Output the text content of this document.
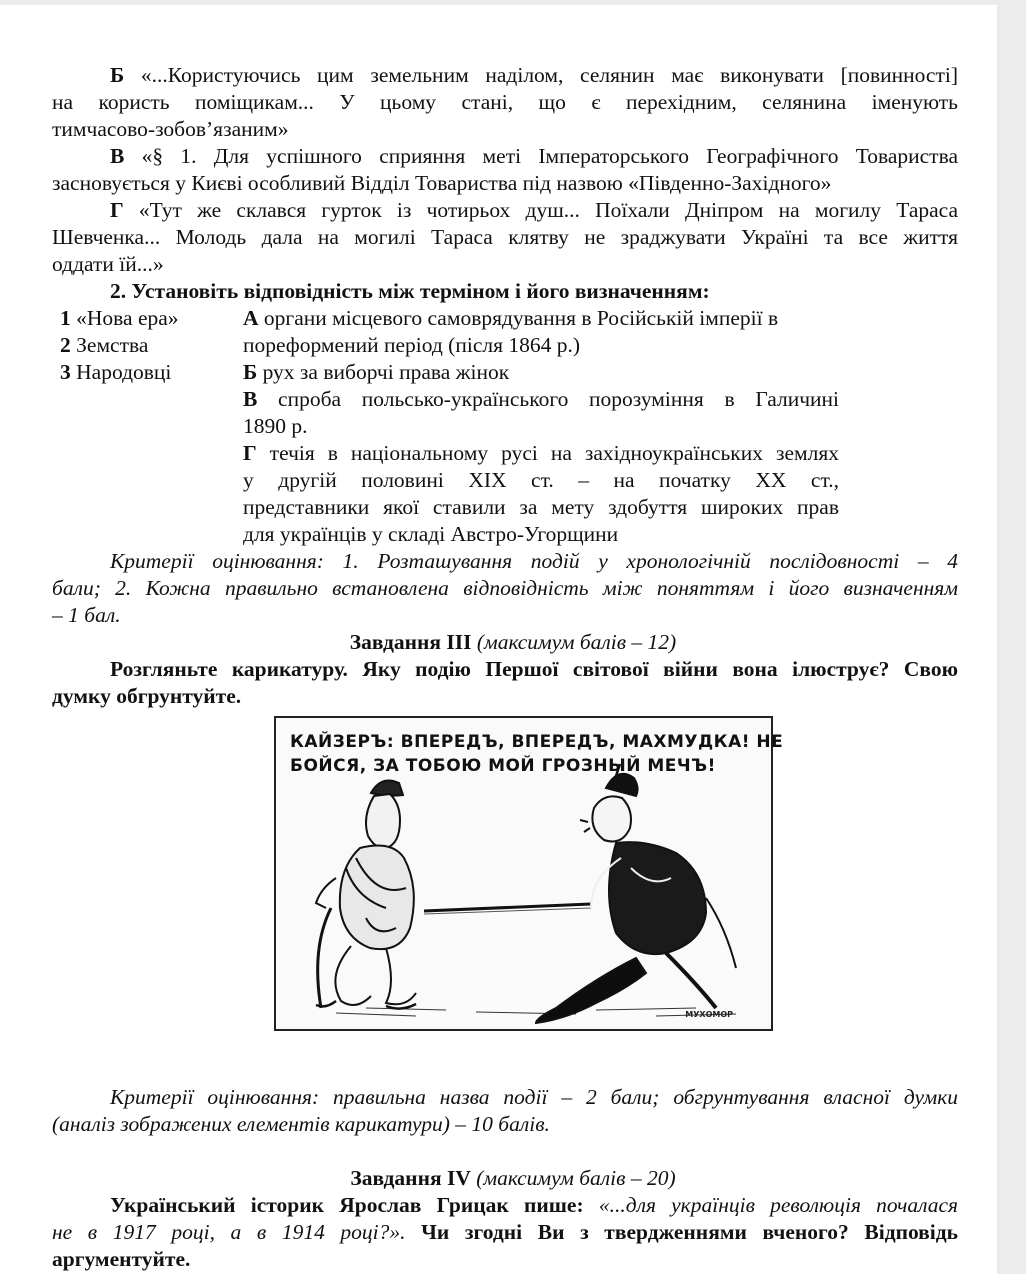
Б «...Користуючись цим земельним наділом, селянин має виконувати [повинності]
на користь поміщикам... У цьому стані, що є перехідним, селянина іменують
тимчасово-зобов’язаним»
В «§ 1. Для успішного сприяння меті Імператорського Географічного Товариства
засновується у Києві особливий Відділ Товариства під назвою «Південно-Західного»
Г «Тут же склався гурток із чотирьох душ... Поїхали Дніпром на могилу Тараса
Шевченка... Молодь дала на могилі Тараса клятву не зраджувати Україні та все життя
оддати їй...»
2. Установіть відповідність між терміном і його визначенням:
1 «Нова ера»
2 Земства
3 Народовці
А органи місцевого самоврядування в Російській імперії в
пореформений період (після 1864 р.)
Б рух за виборчі права жінок
В спроба польсько-українського порозуміння в Галичині
1890 р.
Г течія в національному русі на західноукраїнських землях
у другій половині XIX ст. – на початку XX ст.,
представники якої ставили за мету здобуття широких прав
для українців у складі Австро-Угорщини
Критерії оцінювання: 1. Розташування подій у хронологічній послідовності – 4
бали; 2. Кожна правильно встановлена відповідність між поняттям і його визначенням
– 1 бал.
Завдання III (максимум балів – 12)
Розгляньте карикатуру. Яку подію Першої світової війни вона ілюструє? Свою
думку обгрунтуйте.
КАЙЗЕРЪ: ВПЕРЕДЪ, ВПЕРЕДЪ, МАХМУДКА! НЕ
БОЙСЯ, ЗА ТОБОЮ МОЙ ГРОЗНЫЙ МЕЧЪ!
МУХОМОР
Критерії оцінювання: правильна назва події – 2 бали; обгрунтування власної думки
(аналіз зображених елементів карикатури) – 10 балів.
Завдання IV (максимум балів – 20)
Український історик Ярослав Грицак пише: «...для українців революція почалася
не в 1917 році, а в 1914 році?». Чи згодні Ви з твердженнями вченого? Відповідь
аргументуйте.
